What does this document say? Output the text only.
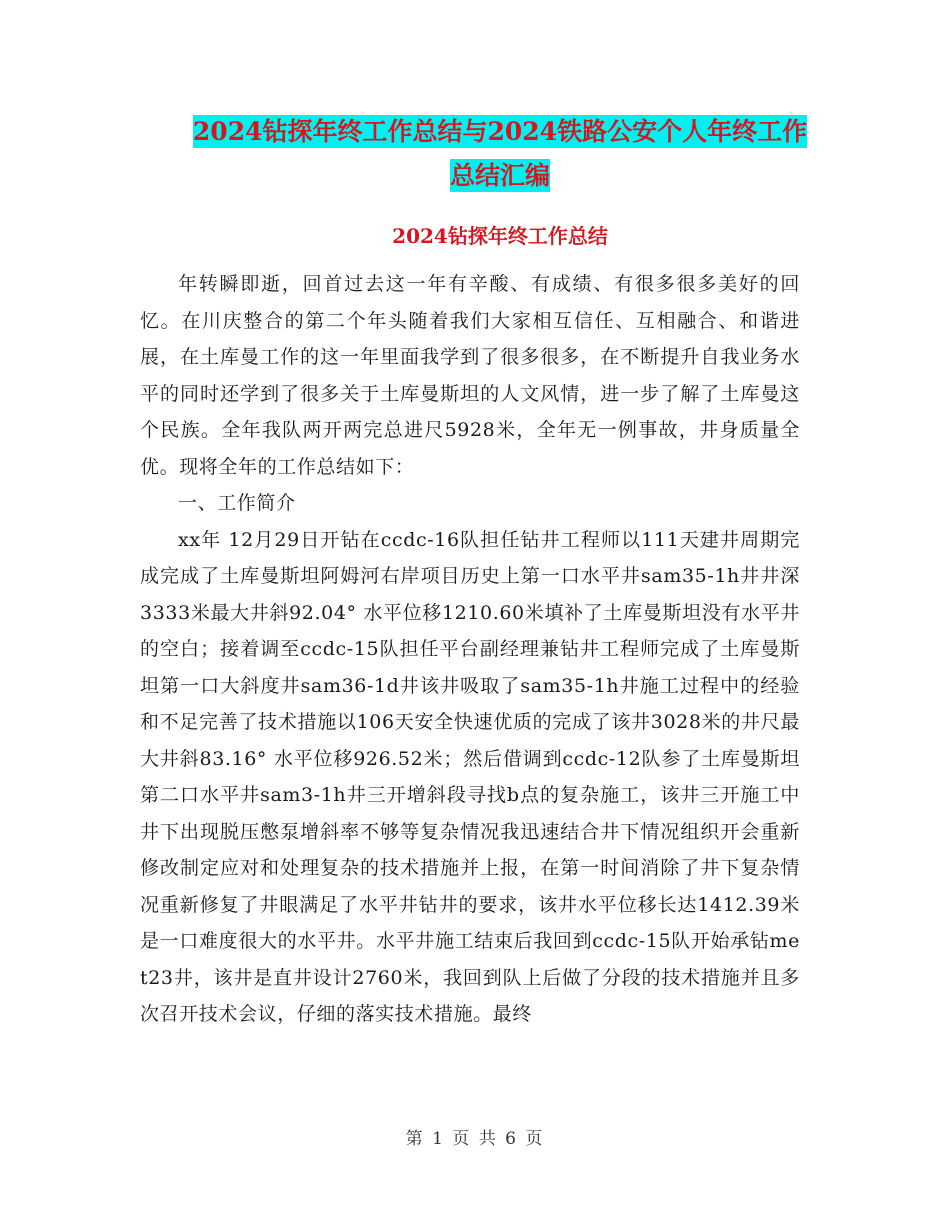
2024钻探年终工作总结与2024铁路公安个人年终工作
总结汇编
2024钻探年终工作总结

年转瞬即逝，回首过去这一年有辛酸、有成绩、有很多很多美好的回忆。在川庆整合的第二个年头随着我们大家相互信任、互相融合、和谐进展，在土库曼工作的这一年里面我学到了很多很多，在不断提升自我业务水平的同时还学到了很多关于土库曼斯坦的人文风情，进一步了解了土库曼这个民族。全年我队两开两完总进尺5928米，全年无一例事故，井身质量全优。现将全年的工作总结如下：

一、工作简介

xx年 12月29日开钻在ccdc-16队担任钻井工程师以111天建井周期完成完成了土库曼斯坦阿姆河右岸项目历史上第一口水平井sam35-1h井井深3333米最大井斜92.04° 水平位移1210.60米填补了土库曼斯坦没有水平井的空白；接着调至ccdc-15队担任平台副经理兼钻井工程师完成了土库曼斯坦第一口大斜度井sam36-1d井该井吸取了sam35-1h井施工过程中的经验和不足完善了技术措施以106天安全快速优质的完成了该井3028米的井尺最大井斜83.16° 水平位移926.52米；然后借调到ccdc-12队参了土库曼斯坦第二口水平井sam3-1h井三开增斜段寻找b点的复杂施工，该井三开施工中井下出现脱压憋泵增斜率不够等复杂情况我迅速结合井下情况组织开会重新修改制定应对和处理复杂的技术措施并上报，在第一时间消除了井下复杂情况重新修复了井眼满足了水平井钻井的要求，该井水平位移长达1412.39米是一口难度很大的水平井。水平井施工结束后我回到ccdc-15队开始承钻met23井，该井是直井设计2760米，我回到队上后做了分段的技术措施并且多次召开技术会议，仔细的落实技术措施。最终

第 1 页 共 6 页
